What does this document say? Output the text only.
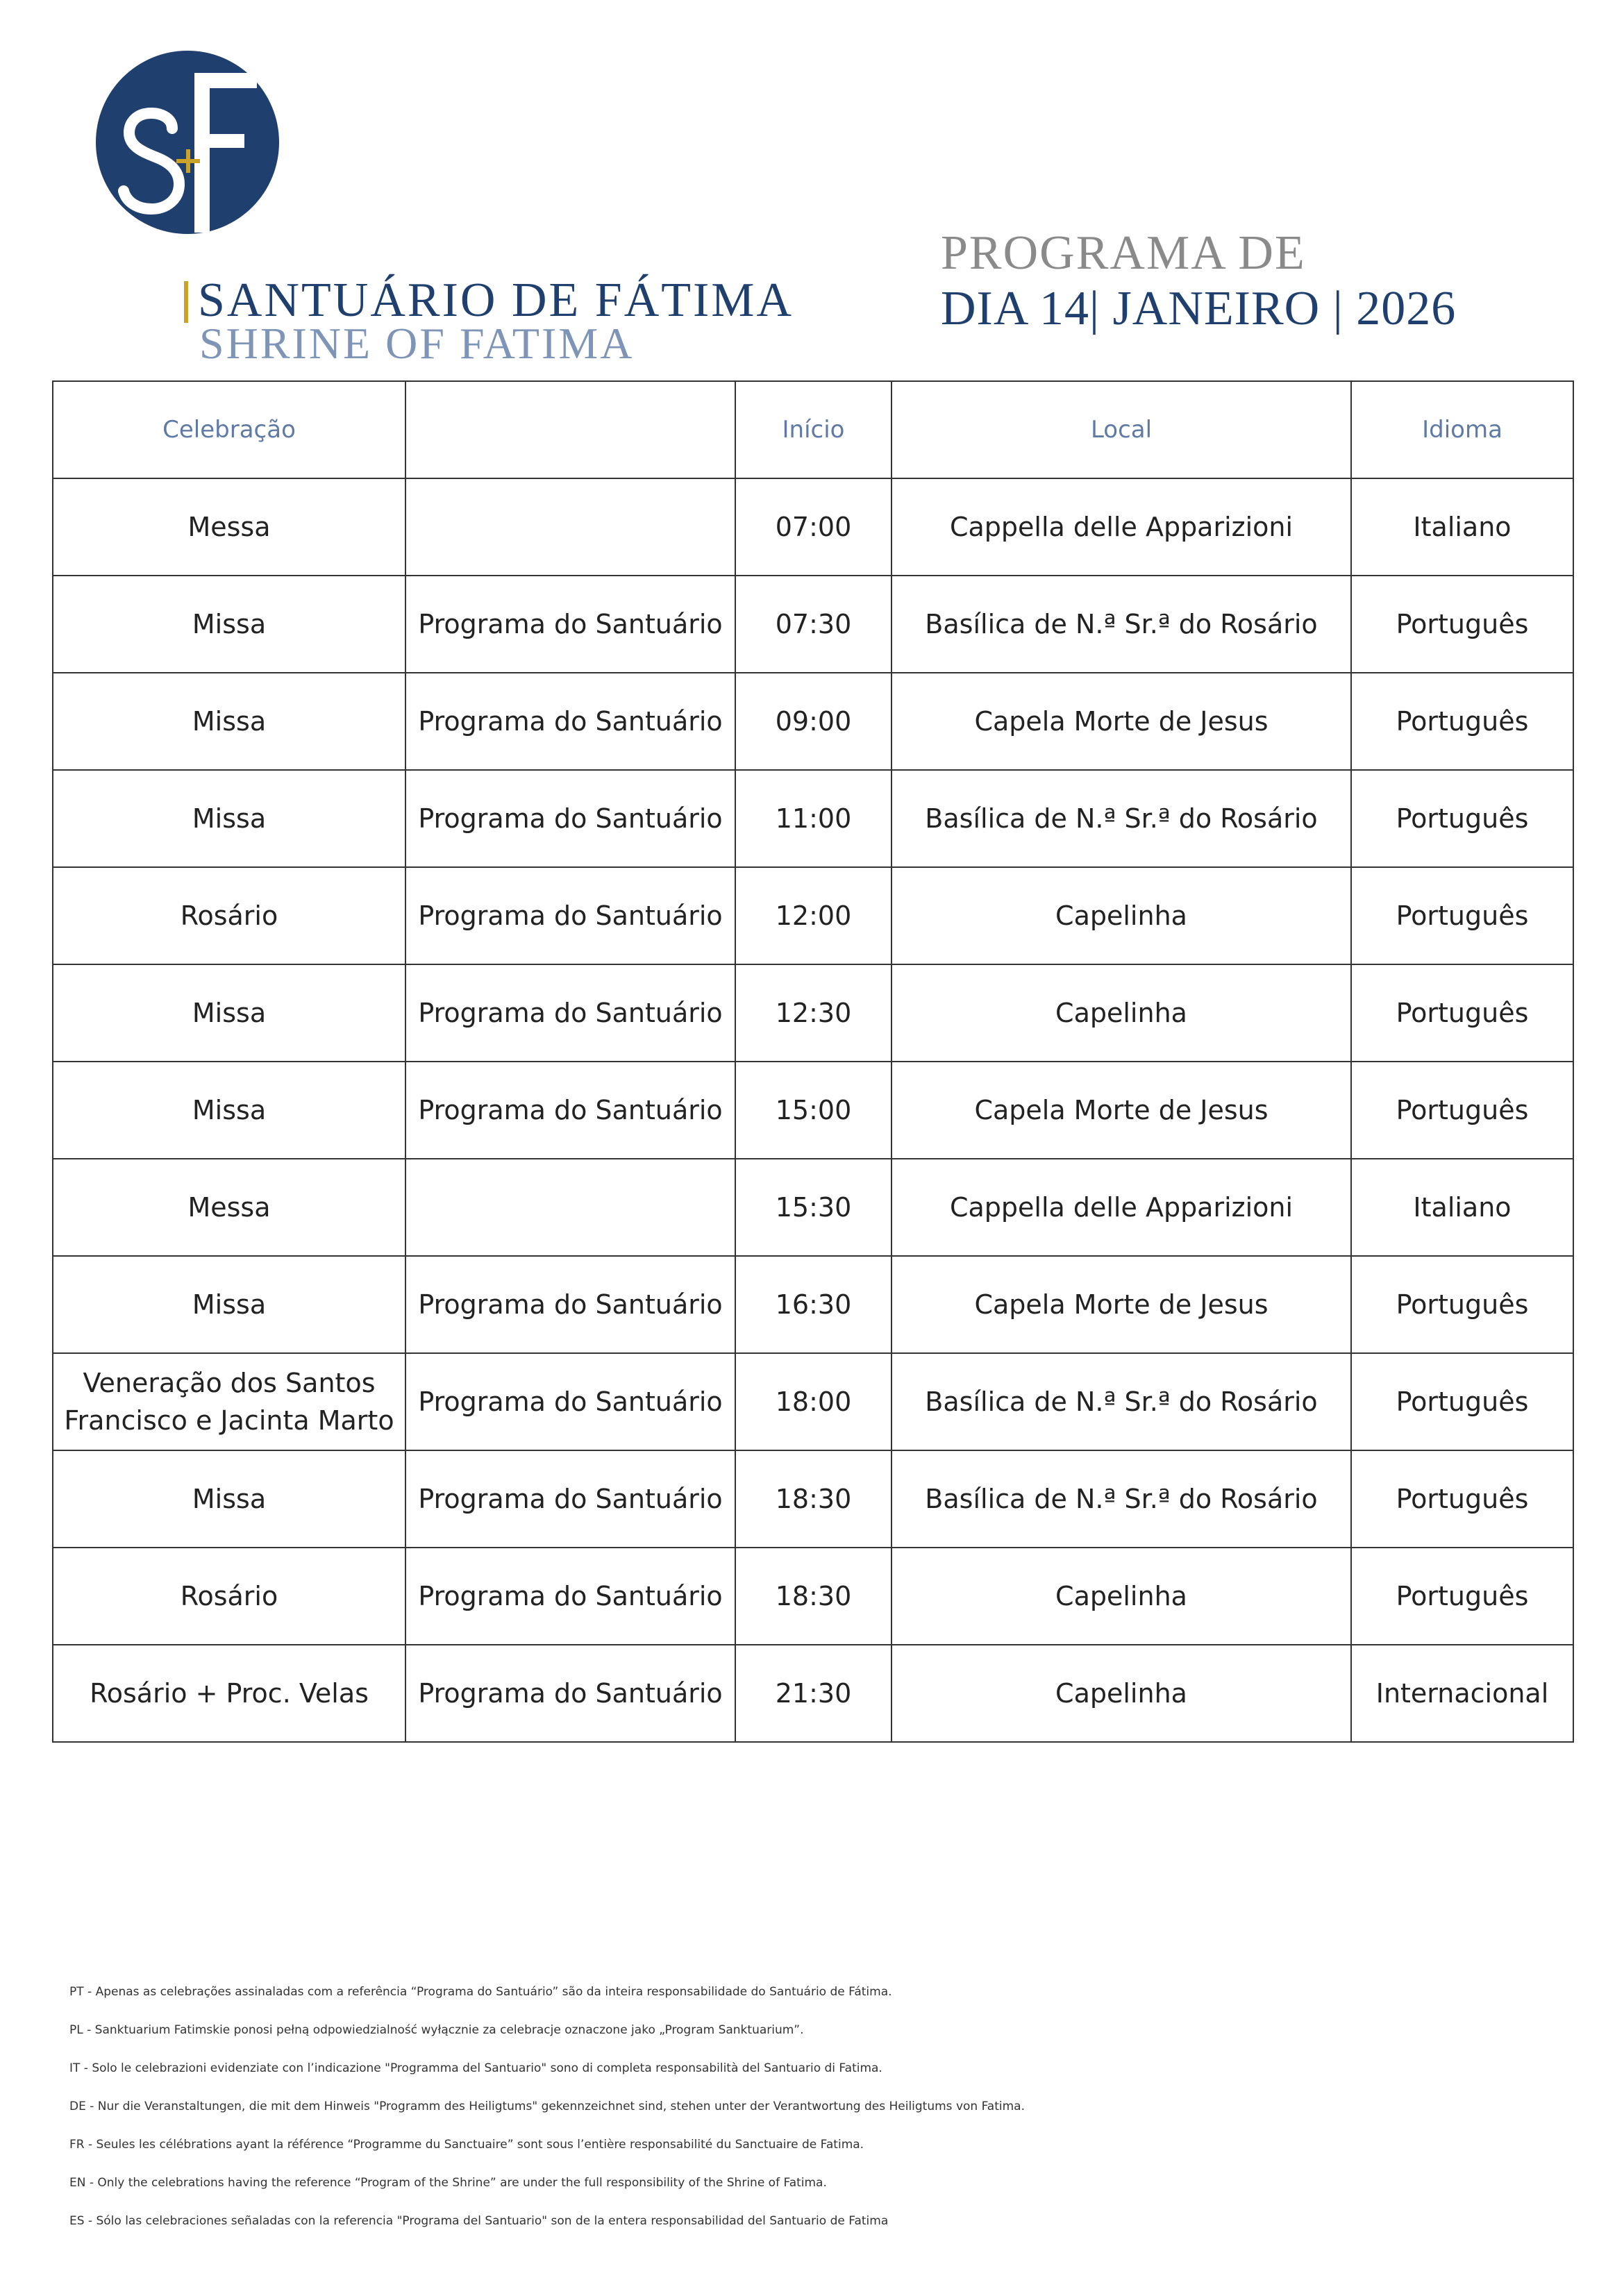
SANTUÁRIO DE FÁTIMA
SHRINE OF FATIMA
PROGRAMA DE
DIA 14| JANEIRO | 2026
Celebração		Início	Local	Idioma
Messa		07:00	Cappella delle Apparizioni	Italiano
Missa	Programa do Santuário	07:30	Basílica de N.ª Sr.ª do Rosário	Português
Missa	Programa do Santuário	09:00	Capela Morte de Jesus	Português
Missa	Programa do Santuário	11:00	Basílica de N.ª Sr.ª do Rosário	Português
Rosário	Programa do Santuário	12:00	Capelinha	Português
Missa	Programa do Santuário	12:30	Capelinha	Português
Missa	Programa do Santuário	15:00	Capela Morte de Jesus	Português
Messa		15:30	Cappella delle Apparizioni	Italiano
Missa	Programa do Santuário	16:30	Capela Morte de Jesus	Português
Veneração dos Santos Francisco e Jacinta Marto	Programa do Santuário	18:00	Basílica de N.ª Sr.ª do Rosário	Português
Missa	Programa do Santuário	18:30	Basílica de N.ª Sr.ª do Rosário	Português
Rosário	Programa do Santuário	18:30	Capelinha	Português
Rosário + Proc. Velas	Programa do Santuário	21:30	Capelinha	Internacional
PT - Apenas as celebrações assinaladas com a referência “Programa do Santuário” são da inteira responsabilidade do Santuário de Fátima.
PL - Sanktuarium Fatimskie ponosi pełną odpowiedzialność wyłącznie za celebracje oznaczone jako „Program Sanktuarium”.
IT - Solo le celebrazioni evidenziate con l’indicazione "Programma del Santuario" sono di completa responsabilità del Santuario di Fatima.
DE - Nur die Veranstaltungen, die mit dem Hinweis "Programm des Heiligtums" gekennzeichnet sind, stehen unter der Verantwortung des Heiligtums von Fatima.
FR - Seules les célébrations ayant la référence “Programme du Sanctuaire” sont sous l’entière responsabilité du Sanctuaire de Fatima.
EN - Only the celebrations having the reference “Program of the Shrine” are under the full responsibility of the Shrine of Fatima.
ES - Sólo las celebraciones señaladas con la referencia "Programa del Santuario" son de la entera responsabilidad del Santuario de Fatima
